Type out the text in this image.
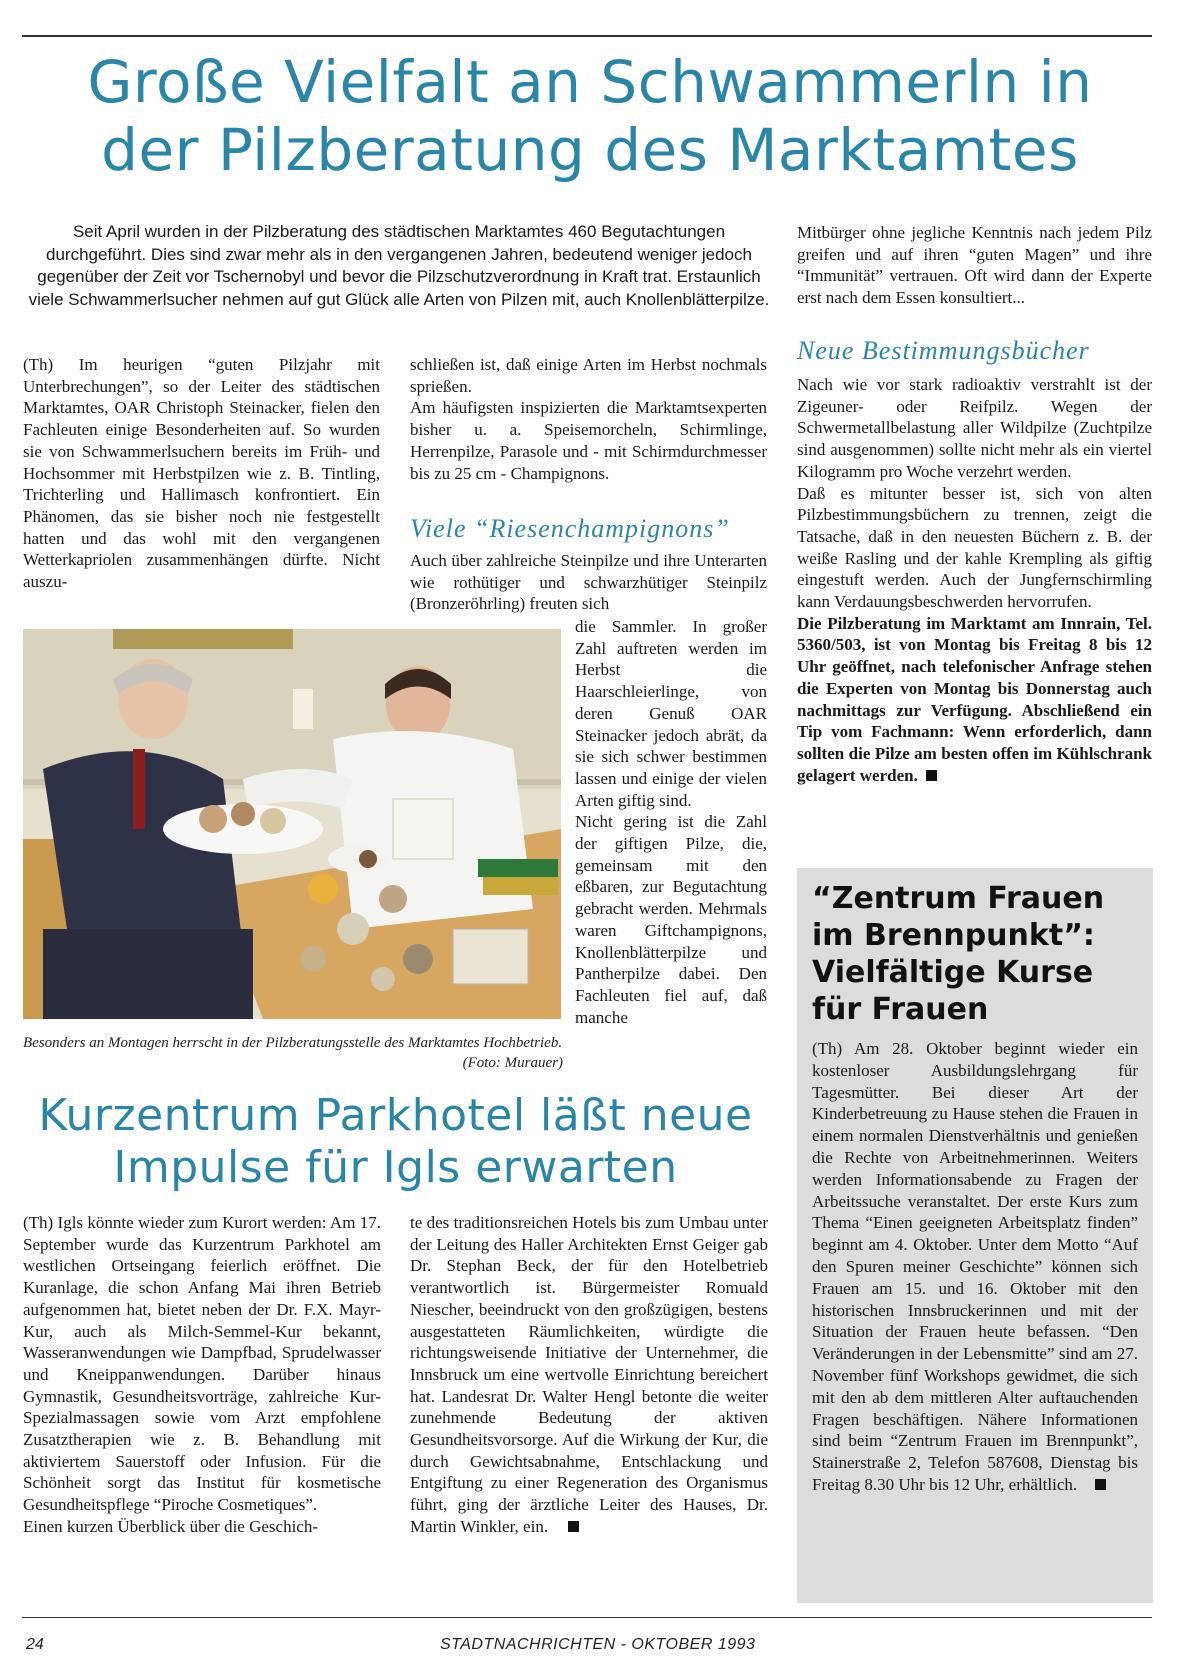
Große Vielfalt an Schwammerln in
der Pilzberatung des Marktamtes
Seit April wurden in der Pilzberatung des städtischen Marktamtes 460 Begutachtungen durchgeführt. Dies sind zwar mehr als in den vergangenen Jahren, bedeutend weniger jedoch gegenüber der Zeit vor Tschernobyl und bevor die Pilzschutzverordnung in Kraft trat. Erstaunlich viele Schwammerlsucher nehmen auf gut Glück alle Arten von Pilzen mit, auch Knollenblätterpilze.

(Th) Im heurigen “guten Pilzjahr mit Unterbrechungen”, so der Leiter des städtischen Marktamtes, OAR Christoph Steinacker, fielen den Fachleuten einige Besonderheiten auf. So wurden sie von Schwammerlsuchern bereits im Früh- und Hochsommer mit Herbstpilzen wie z. B. Tintling, Trichterling und Hallimasch konfrontiert. Ein Phänomen, das sie bisher noch nie festgestellt hatten und das wohl mit den vergangenen Wetterkapriolen zusammenhängen dürfte. Nicht auszu-

schließen ist, daß einige Arten im Herbst nochmals sprießen.

Am häufigsten inspizierten die Marktamtsexperten bisher u. a. Speisemorcheln, Schirmlinge, Herrenpilze, Parasole und - mit Schirmdurchmesser bis zu 25 cm - Champignons.

Viele “Riesenchampignons”

Auch über zahlreiche Steinpilze und ihre Unterarten wie rothütiger und schwarzhütiger Steinpilz (Bronzeröhrling) freuten sich

die Sammler. In großer Zahl auftreten werden im Herbst die Haarschleierlinge, von deren Genuß OAR Steinacker jedoch abrät, da sie sich schwer bestimmen lassen und einige der vielen Arten giftig sind.

Nicht gering ist die Zahl der giftigen Pilze, die, gemeinsam mit den eßbaren, zur Begutachtung gebracht werden. Mehrmals waren Giftchampignons, Knollenblätterpilze und Pantherpilze dabei. Den Fachleuten fiel auf, daß manche

Besonders an Montagen herrscht in der Pilzberatungsstelle des Marktamtes Hochbetrieb.
(Foto: Murauer)

Mitbürger ohne jegliche Kenntnis nach jedem Pilz greifen und auf ihren “guten Magen” und ihre “Immunität” vertrauen. Oft wird dann der Experte erst nach dem Essen konsultiert...

Neue Bestimmungsbücher

Nach wie vor stark radioaktiv verstrahlt ist der Zigeuner- oder Reifpilz. Wegen der Schwermetallbelastung aller Wildpilze (Zuchtpilze sind ausgenommen) sollte nicht mehr als ein viertel Kilogramm pro Woche verzehrt werden.

Daß es mitunter besser ist, sich von alten Pilzbestimmungsbüchern zu trennen, zeigt die Tatsache, daß in den neuesten Büchern z. B. der weiße Rasling und der kahle Krempling als giftig eingestuft werden. Auch der Jungfernschirmling kann Verdauungsbeschwerden hervorrufen.

Die Pilzberatung im Marktamt am Innrain, Tel. 5360/503, ist von Montag bis Freitag 8 bis 12 Uhr geöffnet, nach telefonischer Anfrage stehen die Experten von Montag bis Donnerstag auch nachmittags zur Verfügung. Abschließend ein Tip vom Fachmann: Wenn erforderlich, dann sollten die Pilze am besten offen im Kühlschrank gelagert werden.

Kurzentrum Parkhotel läßt neue
Impulse für Igls erwarten

(Th) Igls könnte wieder zum Kurort werden: Am 17. September wurde das Kurzentrum Parkhotel am westlichen Ortseingang feierlich eröffnet. Die Kuranlage, die schon Anfang Mai ihren Betrieb aufgenommen hat, bietet neben der Dr. F.X. Mayr-Kur, auch als Milch-Semmel-Kur bekannt, Wasseranwendungen wie Dampfbad, Sprudelwasser und Kneippanwendungen. Darüber hinaus Gymnastik, Gesundheitsvorträge, zahlreiche Kur-Spezialmassagen sowie vom Arzt empfohlene Zusatztherapien wie z. B. Behandlung mit aktiviertem Sauerstoff oder Infusion. Für die Schönheit sorgt das Institut für kosmetische Gesundheitspflege “Piroche Cosmetiques”.

Einen kurzen Überblick über die Geschich-

te des traditionsreichen Hotels bis zum Umbau unter der Leitung des Haller Architekten Ernst Geiger gab Dr. Stephan Beck, der für den Hotelbetrieb verantwortlich ist. Bürgermeister Romuald Niescher, beeindruckt von den großzügigen, bestens ausgestatteten Räumlichkeiten, würdigte die richtungsweisende Initiative der Unternehmer, die Innsbruck um eine wertvolle Einrichtung bereichert hat. Landesrat Dr. Walter Hengl betonte die weiter zunehmende Bedeutung der aktiven Gesundheitsvorsorge. Auf die Wirkung der Kur, die durch Gewichtsabnahme, Entschlackung und Entgiftung zu einer Regeneration des Organismus führt, ging der ärztliche Leiter des Hauses, Dr. Martin Winkler, ein.

“Zentrum Frauen im Brennpunkt”: Vielfältige Kurse für Frauen
(Th) Am 28. Oktober beginnt wieder ein kostenloser Ausbildungslehrgang für Tagesmütter. Bei dieser Art der Kinderbetreuung zu Hause stehen die Frauen in einem normalen Dienstverhältnis und genießen die Rechte von Arbeitnehmerinnen. Weiters werden Informationsabende zu Fragen der Arbeitssuche veranstaltet. Der erste Kurs zum Thema “Einen geeigneten Arbeitsplatz finden” beginnt am 4. Oktober. Unter dem Motto “Auf den Spuren meiner Geschichte” können sich Frauen am 15. und 16. Oktober mit den historischen Innsbruckerinnen und mit der Situation der Frauen heute befassen. “Den Veränderungen in der Lebensmitte” sind am 27. November fünf Workshops gewidmet, die sich mit den ab dem mittleren Alter auftauchenden Fragen beschäftigen. Nähere Informationen sind beim “Zentrum Frauen im Brennpunkt”, Stainerstraße 2, Telefon 587608, Dienstag bis Freitag 8.30 Uhr bis 12 Uhr, erhältlich.
24	STADTNACHRICHTEN - OKTOBER 1993
